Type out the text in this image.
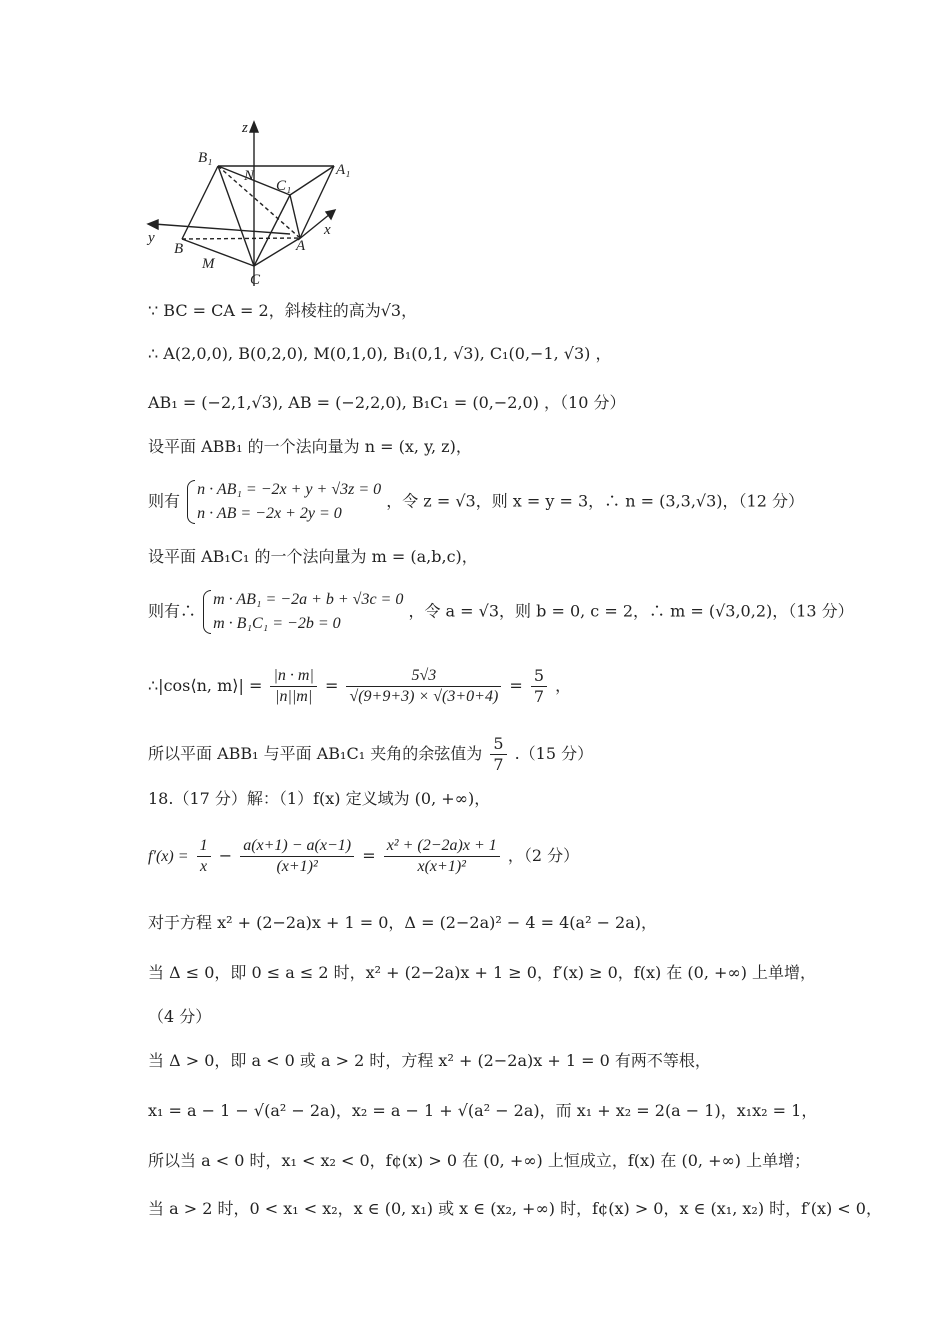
z
B₁
A₁
N
C₁
x
y
B	A
M
C
∵ BC = CA = 2，斜棱柱的高为√3，
∴ A(2,0,0), B(0,2,0), M(0,1,0), B₁(0,1, √3), C₁(0,−1, √3) ，
AB₁ = (−2,1,√3), AB = (−2,2,0), B₁C₁ = (0,−2,0) ，（10 分）
设平面 ABB₁ 的一个法向量为 n = (x, y, z)，
则有
n · AB₁ = −2x + y + √3z = 0
n · AB = −2x + 2y = 0
，令 z = √3，则 x = y = 3，∴ n = (3,3,√3)，（12 分）
设平面 AB₁C₁ 的一个法向量为 m = (a,b,c)，
则有∴
m · AB₁ = −2a + b + √3c = 0
m · B₁C₁ = −2b = 0
，令 a = √3，则 b = 0, c = 2，∴ m = (√3,0,2)，（13 分）
∴|cos⟨n, m⟩| = $\frac{|n \cdot m|}{|n||m|} = \frac{5√3}{√(9+9+3) \times √(3+0+4)} = \frac{5}{7}$ ，
所以平面 ABB₁ 与平面 AB₁C₁ 夹角的余弦值为 $\frac{5}{7} .(15$ 分）
18.（17 分）解：（1）f(x) 定义域为 (0, +∞)，
$f'(x) = \frac{1}{x} - \frac{a(x+1) - a(x-1)}{\text{(x+1)²}} = \frac{\text{x² + (2−2a)x + 1}}{\text{x(x+1)²}}$ ，（2 分）
对于方程 x² + (2−2a)x + 1 = 0，Δ = (2−2a)² − 4 = 4(a² − 2a)，
当 Δ ≤ 0，即 0 ≤ a ≤ 2 时，x² + (2−2a)x + 1 ≥ 0，f′(x) ≥ 0，f(x) 在 (0, +∞) 上单增，
（4 分）
当 Δ > 0，即 a < 0 或 a > 2 时，方程 x² + (2−2a)x + 1 = 0 有两不等根，
x₁ = a − 1 − √(a² − 2a)，x₂ = a − 1 + √(a² − 2a)，而 x₁ + x₂ = 2(a − 1)，x₁x₂ = 1，
所以当 a < 0 时，x₁ < x₂ < 0，f¢(x) > 0 在 (0, +∞) 上恒成立，f(x) 在 (0, +∞) 上单增；
当 a > 2 时，0 < x₁ < x₂，x ∈ (0, x₁) 或 x ∈ (x₂, +∞) 时，f¢(x) > 0，x ∈ (x₁, x₂) 时，f′(x) < 0，
